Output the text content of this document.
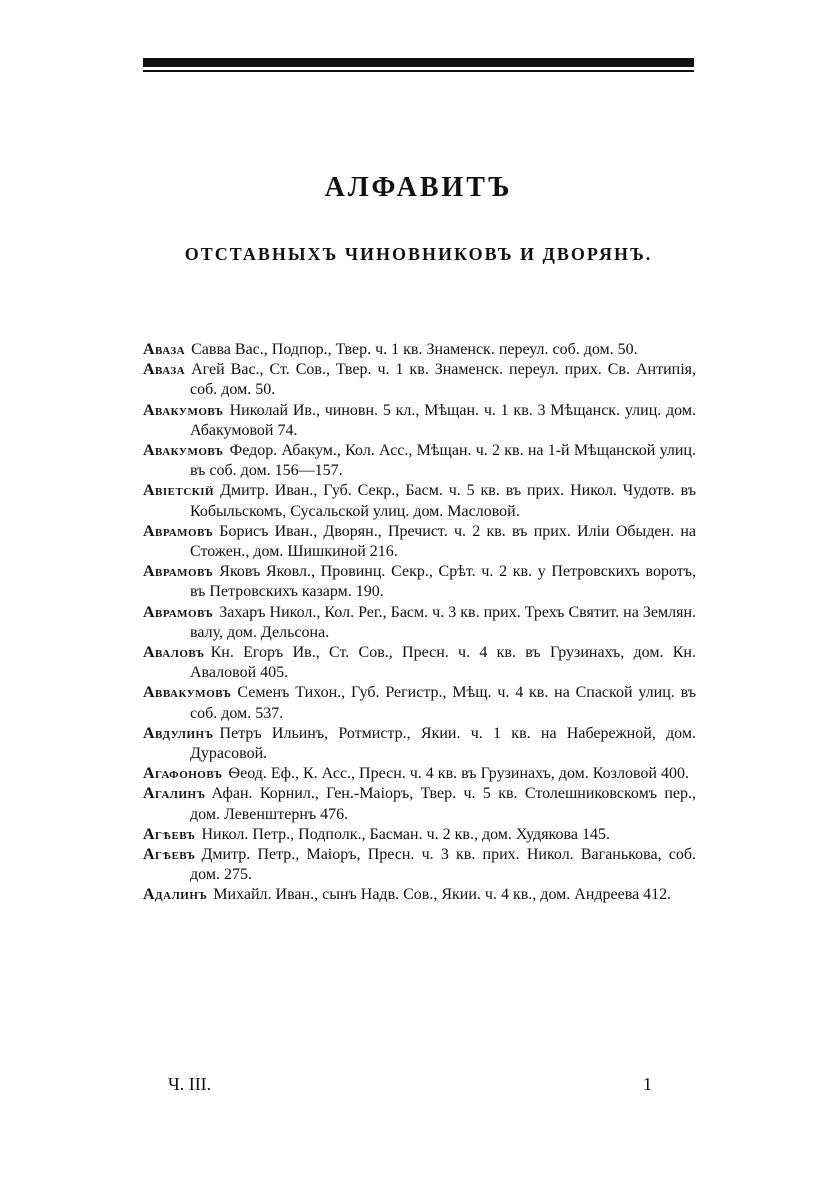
АЛФАВИТЪ
ОТСТАВНЫХЪ ЧИНОВНИКОВЪ И ДВОРЯНЪ.

Аваза Савва Вас., Подпор., Твер. ч. 1 кв. Знаменск. переул. соб. дом. 50.

Аваза Агей Вас., Ст. Сов., Твер. ч. 1 кв. Знаменск. переул. прих. Св. Антипія, соб. дом. 50.

Авакумовъ Николай Ив., чиновн. 5 кл., Мѣщан. ч. 1 кв. 3 Мѣщанск. улиц. дом. Абакумовой 74.

Авакумовъ Федор. Абакум., Кол. Асс., Мѣщан. ч. 2 кв. на 1-й Мѣщанской улиц. въ соб. дом. 156—157.

Авіетскій Дмитр. Иван., Губ. Секр., Басм. ч. 5 кв. въ прих. Никол. Чудотв. въ Кобыльскомъ, Сусальской улиц. дом. Масловой.

Аврамовъ Борисъ Иван., Дворян., Пречист. ч. 2 кв. въ прих. Иліи Обыден. на Стожен., дом. Шишкиной 216.

Аврамовъ Яковъ Яковл., Провинц. Секр., Срѣт. ч. 2 кв. у Петровскихъ воротъ, въ Петровскихъ казарм. 190.

Аврамовъ Захаръ Никол., Кол. Рег., Басм. ч. 3 кв. прих. Трехъ Святит. на Землян. валу, дом. Дельсона.

Аваловъ Кн. Егоръ Ив., Ст. Сов., Пресн. ч. 4 кв. въ Грузинахъ, дом. Кн. Аваловой 405.

Аввакумовъ Семенъ Тихон., Губ. Регистр., Мѣщ. ч. 4 кв. на Спаской улиц. въ соб. дом. 537.

Авдулинъ Петръ Ильинъ, Ротмистр., Якии. ч. 1 кв. на Набережной, дом. Дурасовой.

Агафоновъ Ѳеод. Еф., К. Асс., Пресн. ч. 4 кв. въ Грузинахъ, дом. Козловой 400.

Агалинъ Афан. Корнил., Ген.-Маіоръ, Твер. ч. 5 кв. Столешниковскомъ пер., дом. Левенштернъ 476.

Агѣевъ Никол. Петр., Подполк., Басман. ч. 2 кв., дом. Худякова 145.

Агѣевъ Дмитр. Петр., Маіоръ, Пресн. ч. 3 кв. прих. Никол. Ваганькова, соб. дом. 275.

Адалинъ Михайл. Иван., сынъ Надв. Сов., Якии. ч. 4 кв., дом. Андреева 412.

Ч. III.	1
